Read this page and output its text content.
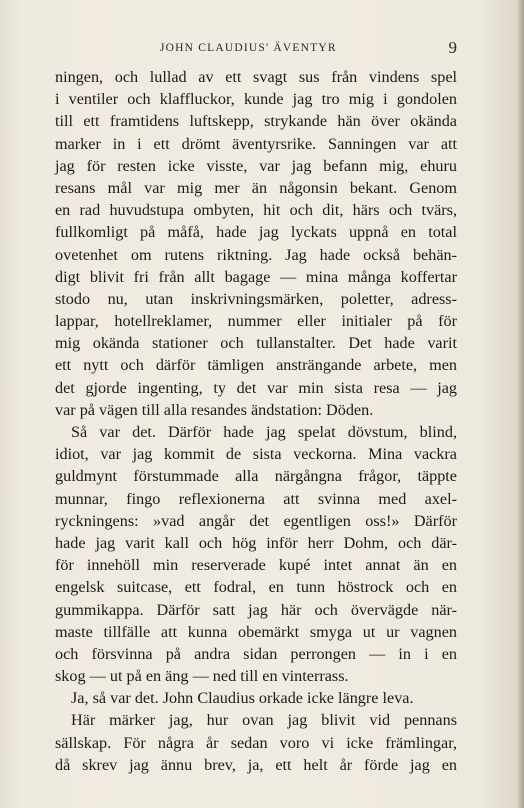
JOHN CLAUDIUS' ÄVENTYR	9
ningen, och lullad av ett svagt sus från vindens spel
i ventiler och klaffluckor, kunde jag tro mig i gondolen
till ett framtidens luftskepp, strykande hän över okända
marker in i ett drömt äventyrsrike. Sanningen var att
jag för resten icke visste, var jag befann mig, ehuru
resans mål var mig mer än någonsin bekant. Genom
en rad huvudstupa ombyten, hit och dit, härs och tvärs,
fullkomligt på måfå, hade jag lyckats uppnå en total
ovetenhet om rutens riktning. Jag hade också behän-
digt blivit fri från allt bagage — mina många koffertar
stodo nu, utan inskrivningsmärken, poletter, adress-
lappar, hotellreklamer, nummer eller initialer på för
mig okända stationer och tullanstalter. Det hade varit
ett nytt och därför tämligen ansträngande arbete, men
det gjorde ingenting, ty det var min sista resa — jag
var på vägen till alla resandes ändstation: Döden.
Så var det. Därför hade jag spelat dövstum, blind,
idiot, var jag kommit de sista veckorna. Mina vackra
guldmynt förstummade alla närgångna frågor, täppte
munnar, fingo reflexionerna att svinna med axel-
ryckningens: »vad angår det egentligen oss!» Därför
hade jag varit kall och hög inför herr Dohm, och där-
för innehöll min reserverade kupé intet annat än en
engelsk suitcase, ett fodral, en tunn höstrock och en
gummikappa. Därför satt jag här och övervägde när-
maste tillfälle att kunna obemärkt smyga ut ur vagnen
och försvinna på andra sidan perrongen — in i en
skog — ut på en äng — ned till en vinterrass.
Ja, så var det. John Claudius orkade icke längre leva.
Här märker jag, hur ovan jag blivit vid pennans
sällskap. För några år sedan voro vi icke främlingar,
då skrev jag ännu brev, ja, ett helt år förde jag en
